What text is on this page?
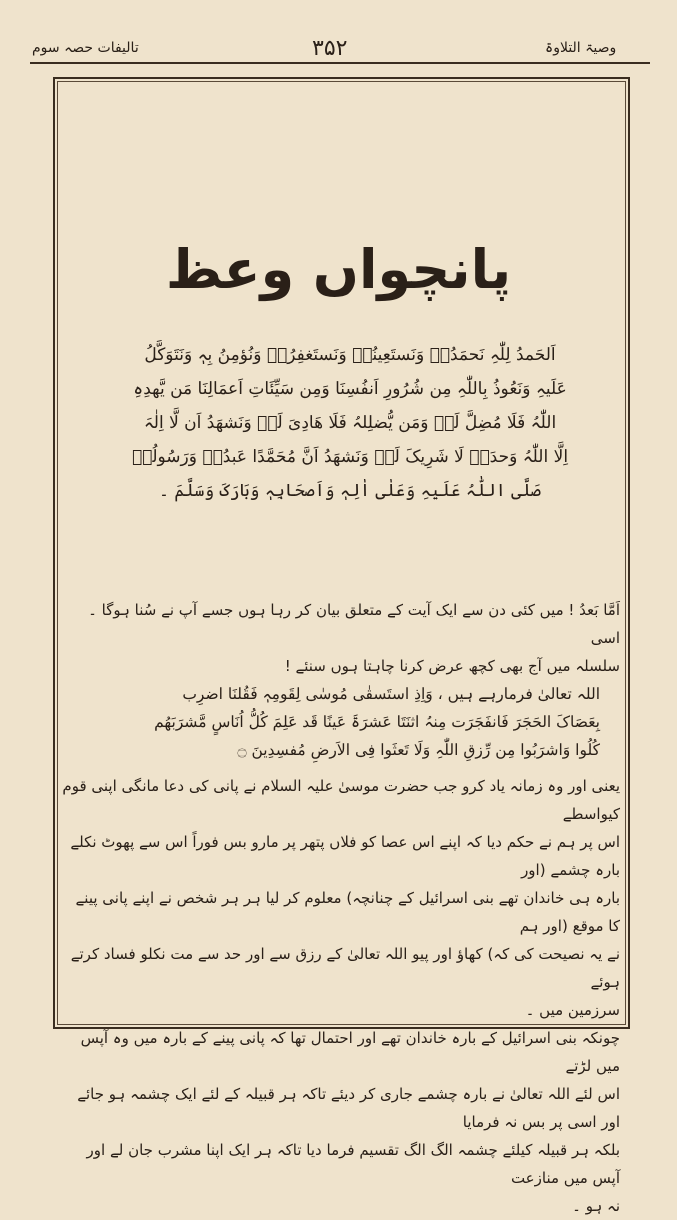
تالیفات حصہ سوم	۳۵۲	وصیۃ التلاوۃ
پانچواں وعظ

اَلحَمدُ لِلّٰہِ نَحمَدُہٗ وَنَستَعِینُہٗ وَنَستَغفِرُہٗ وَنُؤمِنُ بِہٖ وَنَتَوَکَّلُ

عَلَیہِ وَنَعُوذُ بِاللّٰہِ مِن شُرُورِ اَنفُسِنَا وَمِن سَیِّئَاتِ اَعمَالِنَا مَن یَّھدِہِ

اللّٰہُ فَلَا مُضِلَّ لَہٗ وَمَن یُّضلِلہُ فَلَا ھَادِیَ لَہٗ وَنَشھَدُ اَن لَّا اِلٰہَ

اِلَّا اللّٰہُ وَحدَہٗ لَا شَرِیکَ لَہٗ وَنَشھَدُ اَنَّ مُحَمَّدًا عَبدُہٗ وَرَسُولُہٗ

صَلَّی اللّٰہُ عَلَیہِ وَعَلٰی اٰلِہٖ وَاَصحَابِہٖ وَبَارَکَ وَسَلَّمَ ۔

اَمَّا بَعدُ ! میں کئی دن سے ایک آیت کے متعلق بیان کر رہا ہوں جسے آپ نے سُنا ہوگا ۔ اسی

سلسلہ میں آج بھی کچھ عرض کرنا چاہتا ہوں سنئے !

اللہ تعالیٰ فرمارہے ہیں ، وَاِذِ استَسقٰی مُوسٰی لِقَومِہٖ فَقُلنَا اضرِب

بِعَصَاکَ الحَجَرَ فَانفَجَرَت مِنہُ اثنَتَا عَشرَۃَ عَینًا قَد عَلِمَ کُلُّ اُنَاسٍ مَّشرَبَھُم

کُلُوا وَاشرَبُوا مِن رِّزقِ اللّٰہِ وَلَا تَعثَوا فِی الاَرضِ مُفسِدِینَ ۝

یعنی اور وہ زمانہ یاد کرو جب حضرت موسیٰ علیہ السلام نے پانی کی دعا مانگی اپنی قوم کیواسطے

اس پر ہم نے حکم دیا کہ اپنے اس عصا کو فلاں پتھر پر مارو بس فوراً اس سے پھوٹ نکلے بارہ چشمے (اور

بارہ ہی خاندان تھے بنی اسرائیل کے چنانچہ) معلوم کر لیا ہر ہر شخص نے اپنے پانی پینے کا موقع (اور ہم

نے یہ نصیحت کی کہ) کھاؤ اور پیو اللہ تعالیٰ کے رزق سے اور حد سے مت نکلو فساد کرتے ہوئے

سرزمین میں ۔

چونکہ بنی اسرائیل کے بارہ خاندان تھے اور احتمال تھا کہ پانی پینے کے بارہ میں وہ آپس میں لڑتے

اس لئے اللہ تعالیٰ نے بارہ چشمے جاری کر دیئے تاکہ ہر قبیلہ کے لئے ایک چشمہ ہو جائے اور اسی پر بس نہ فرمایا

بلکہ ہر قبیلہ کیلئے چشمہ الگ الگ تقسیم فرما دیا تاکہ ہر ایک اپنا مشرب جان لے اور آپس میں منازعت

نہ ہو ۔
